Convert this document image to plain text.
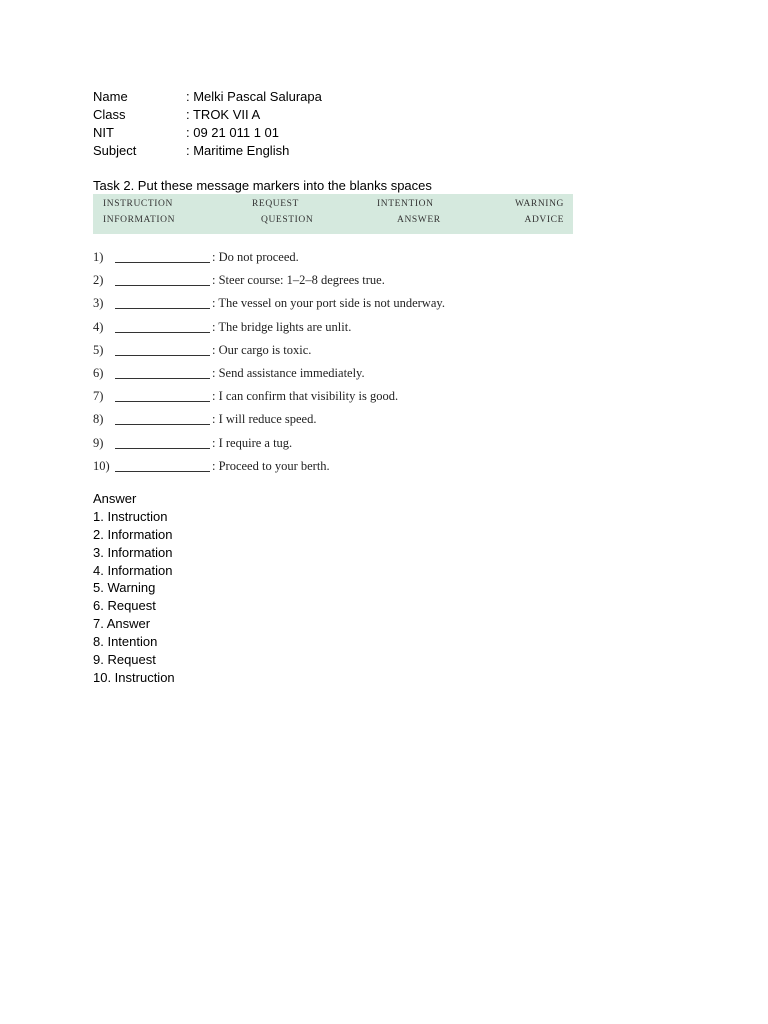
Name	: Melki Pascal Salurapa
Class	: TROK VII A
NIT	: 09 21 011 1 01
Subject	: Maritime English
Task 2. Put these message markers into the blanks spaces
INSTRUCTION	REQUEST	INTENTION	WARNING
INFORMATION	QUESTION	ANSWER	ADVICE
1)	: Do not proceed.
2)	: Steer course: 1–2–8 degrees true.
3)	: The vessel on your port side is not underway.
4)	: The bridge lights are unlit.
5)	: Our cargo is toxic.
6)	: Send assistance immediately.
7)	: I can confirm that visibility is good.
8)	: I will reduce speed.
9)	: I require a tug.
10)	: Proceed to your berth.
Answer
1. Instruction
2. Information
3. Information
4. Information
5. Warning
6. Request
7. Answer
8. Intention
9. Request
10. Instruction
